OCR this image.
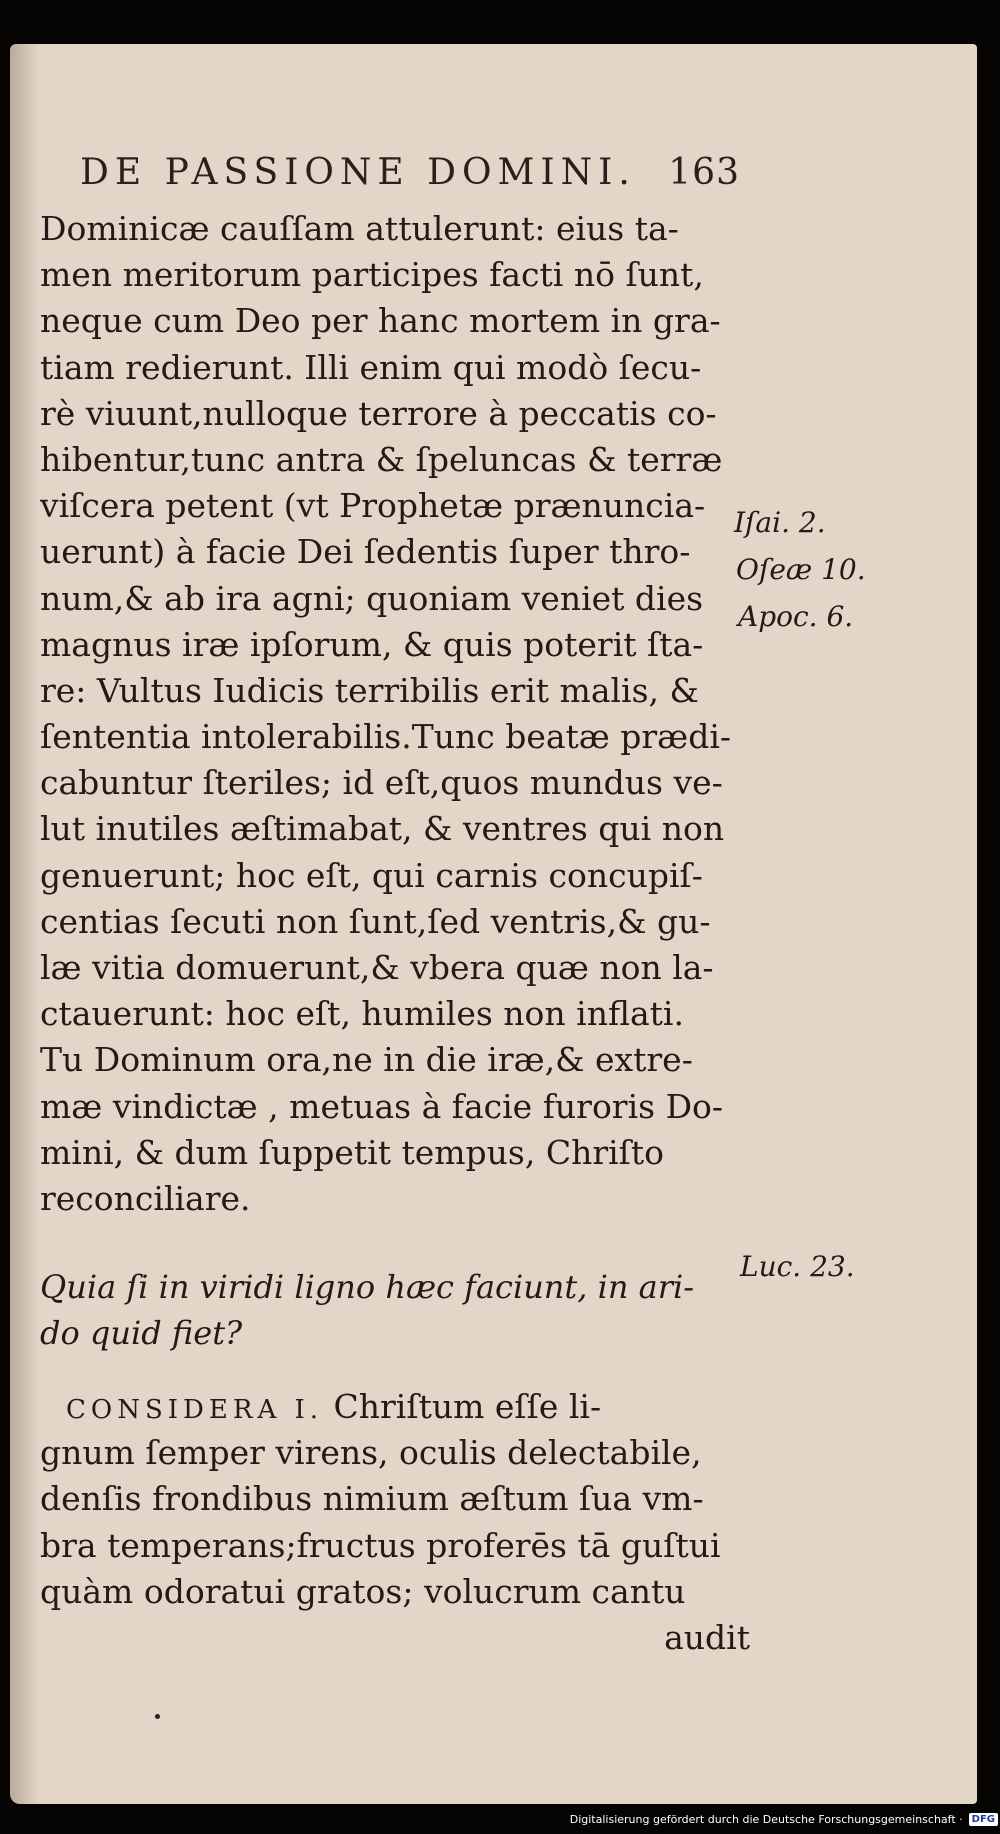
DE PASSIONE DOMINI. 163
Dominicæ cauſſam attulerunt: eius ta-
men meritorum participes facti nō ſunt,
neque cum Deo per hanc mortem in gra-
tiam redierunt. Illi enim qui modò ſecu-
rè viuunt,nulloque terrore à peccatis co-
hibentur,tunc antra & ſpeluncas & terræ
viſcera petent (vt Prophetæ prænuncia-
uerunt) à facie Dei ſedentis ſuper thro-
num,& ab ira agni; quoniam veniet dies
magnus iræ ipſorum, & quis poterit ſta-
re: Vultus Iudicis terribilis erit malis, &
ſententia intolerabilis.Tunc beatæ prædi-
cabuntur ſteriles; id eſt,quos mundus ve-
lut inutiles æſtimabat, & ventres qui non
genuerunt; hoc eſt, qui carnis concupiſ-
centias ſecuti non ſunt,ſed ventris,& gu-
læ vitia domuerunt,& vbera quæ non la-
ctauerunt: hoc eſt, humiles non inflati.
Tu Dominum ora,ne in die iræ,& extre-
mæ vindictæ , metuas à facie furoris Do-
mini, & dum ſuppetit tempus, Chriſto
reconciliare.
Quia ſi in viridi ligno hæc faciunt, in ari-
do quid fiet?
CONSIDERA I. Chriſtum eſſe li-
gnum ſemper virens, oculis delectabile,
denſis frondibus nimium æſtum ſua vm-
bra temperans;fructus proferēs tā guſtui
quàm odoratui gratos; volucrum cantu
audit
Iſai. 2.
Oſeæ 10.
Apoc. 6.
Luc. 23.
Digitalisierung gefördert durch die Deutsche Forschungsgemeinschaft · DFG
